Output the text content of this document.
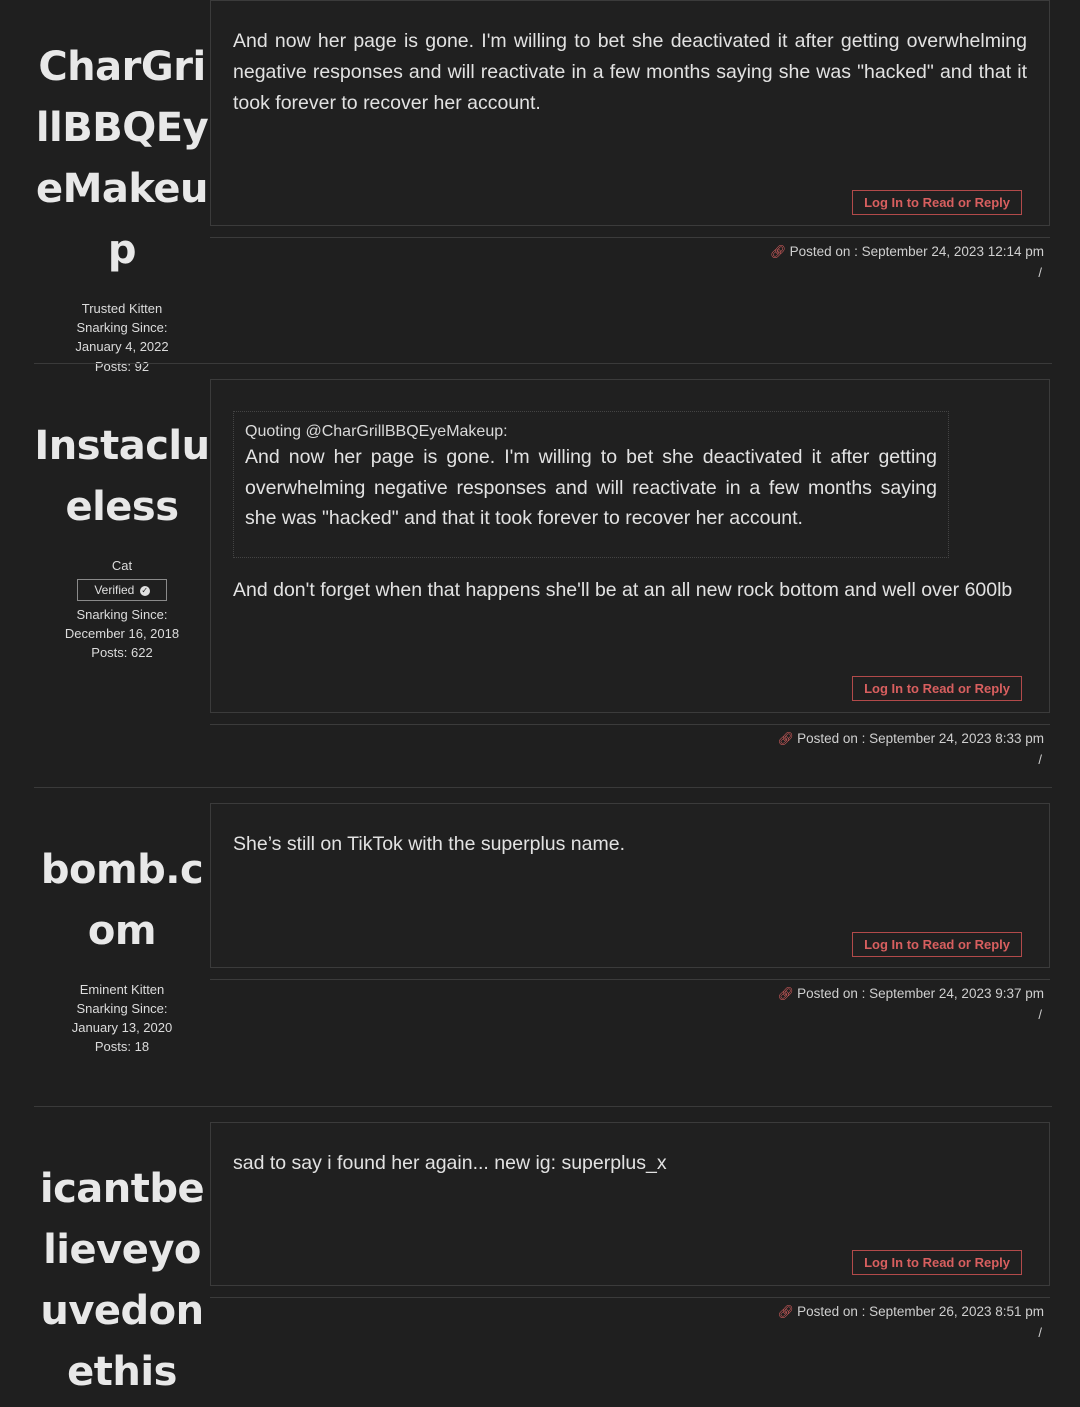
CharGrillBBQEyeMakeup
Trusted Kitten
Snarking Since:
January 4, 2022
Posts: 92
And now her page is gone. I'm willing to bet she deactivated it after getting overwhelming negative responses and will reactivate in a few months saying she was "hacked" and that it took forever to recover her account.
Log In to Read or Reply
🔗︎ Posted on : September 24, 2023 12:14 pm
/
Instaclueless
Cat
Verified ✓
Snarking Since:
December 16, 2018
Posts: 622
Quoting @CharGrillBBQEyeMakeup:
And now her page is gone. I'm willing to bet she deactivated it after getting overwhelming negative responses and will reactivate in a few months saying she was "hacked" and that it took forever to recover her account.
And don't forget when that happens she'll be at an all new rock bottom and well over 600lb
Log In to Read or Reply
🔗︎ Posted on : September 24, 2023 8:33 pm
/
bomb.com
Eminent Kitten
Snarking Since:
January 13, 2020
Posts: 18
She’s still on TikTok with the superplus name.
Log In to Read or Reply
🔗︎ Posted on : September 24, 2023 9:37 pm
/
icantbelieveyouvedonethis
sad to say i found her again... new ig: superplus_x
Log In to Read or Reply
🔗︎ Posted on : September 26, 2023 8:51 pm
/
